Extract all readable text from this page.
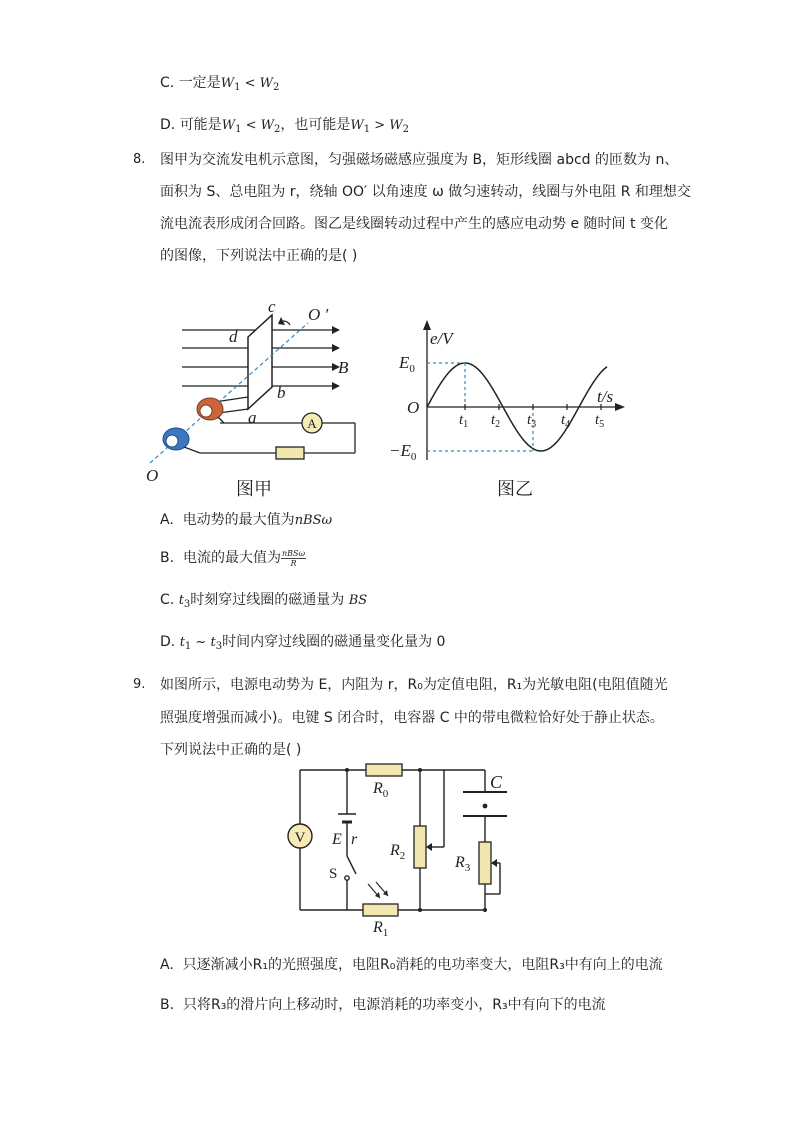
C. 一定是$W_1 < W_2$
D. 可能是$W_1 < W_2$，也可能是$W_1 > W_2$
8. 图甲为交流发电机示意图，匀强磁场磁感应强度为 B，矩形线圈 abcd 的匝数为 n、
面积为 S、总电阻为 r，绕轴 OO′ 以角速度 ω 做匀速转动，线圈与外电阻 R 和理想交
流电流表形成闭合回路。图乙是线圈转动过程中产生的感应电动势 e 随时间 t 变化
的图像，下列说法中正确的是( )
A
c
d
O ′
B
b
a
O
图甲
e/V
t/s
$E_0$
$-E_0$
O
$t_1$ $t_2$ $t_3$ $t_4$ $t_5$
图乙
A. 电动势的最大值为nBSω
B. 电流的最大值为 $\frac{\text{nBSω}}{R}$
C. $t_3$时刻穿过线圈的磁通量为 BS
D. $t_1$ ~ $t_3$时间内穿过线圈的磁通量变化量为 0
9. 如图所示，电源电动势为 E，内阻为 r，R₀为定值电阻，R₁为光敏电阻(电阻值随光
照强度增强而减小)。电键 S 闭合时，电容器 C 中的带电微粒恰好处于静止状态。
下列说法中正确的是( )
V
$R_0$
C
E r
$R_2$	$R_3$
S
$R_1$
A. 只逐渐减小R₁的光照强度，电阻R₀消耗的电功率变大，电阻R₃中有向上的电流
B. 只将R₃的滑片向上移动时，电源消耗的功率变小，R₃中有向下的电流
